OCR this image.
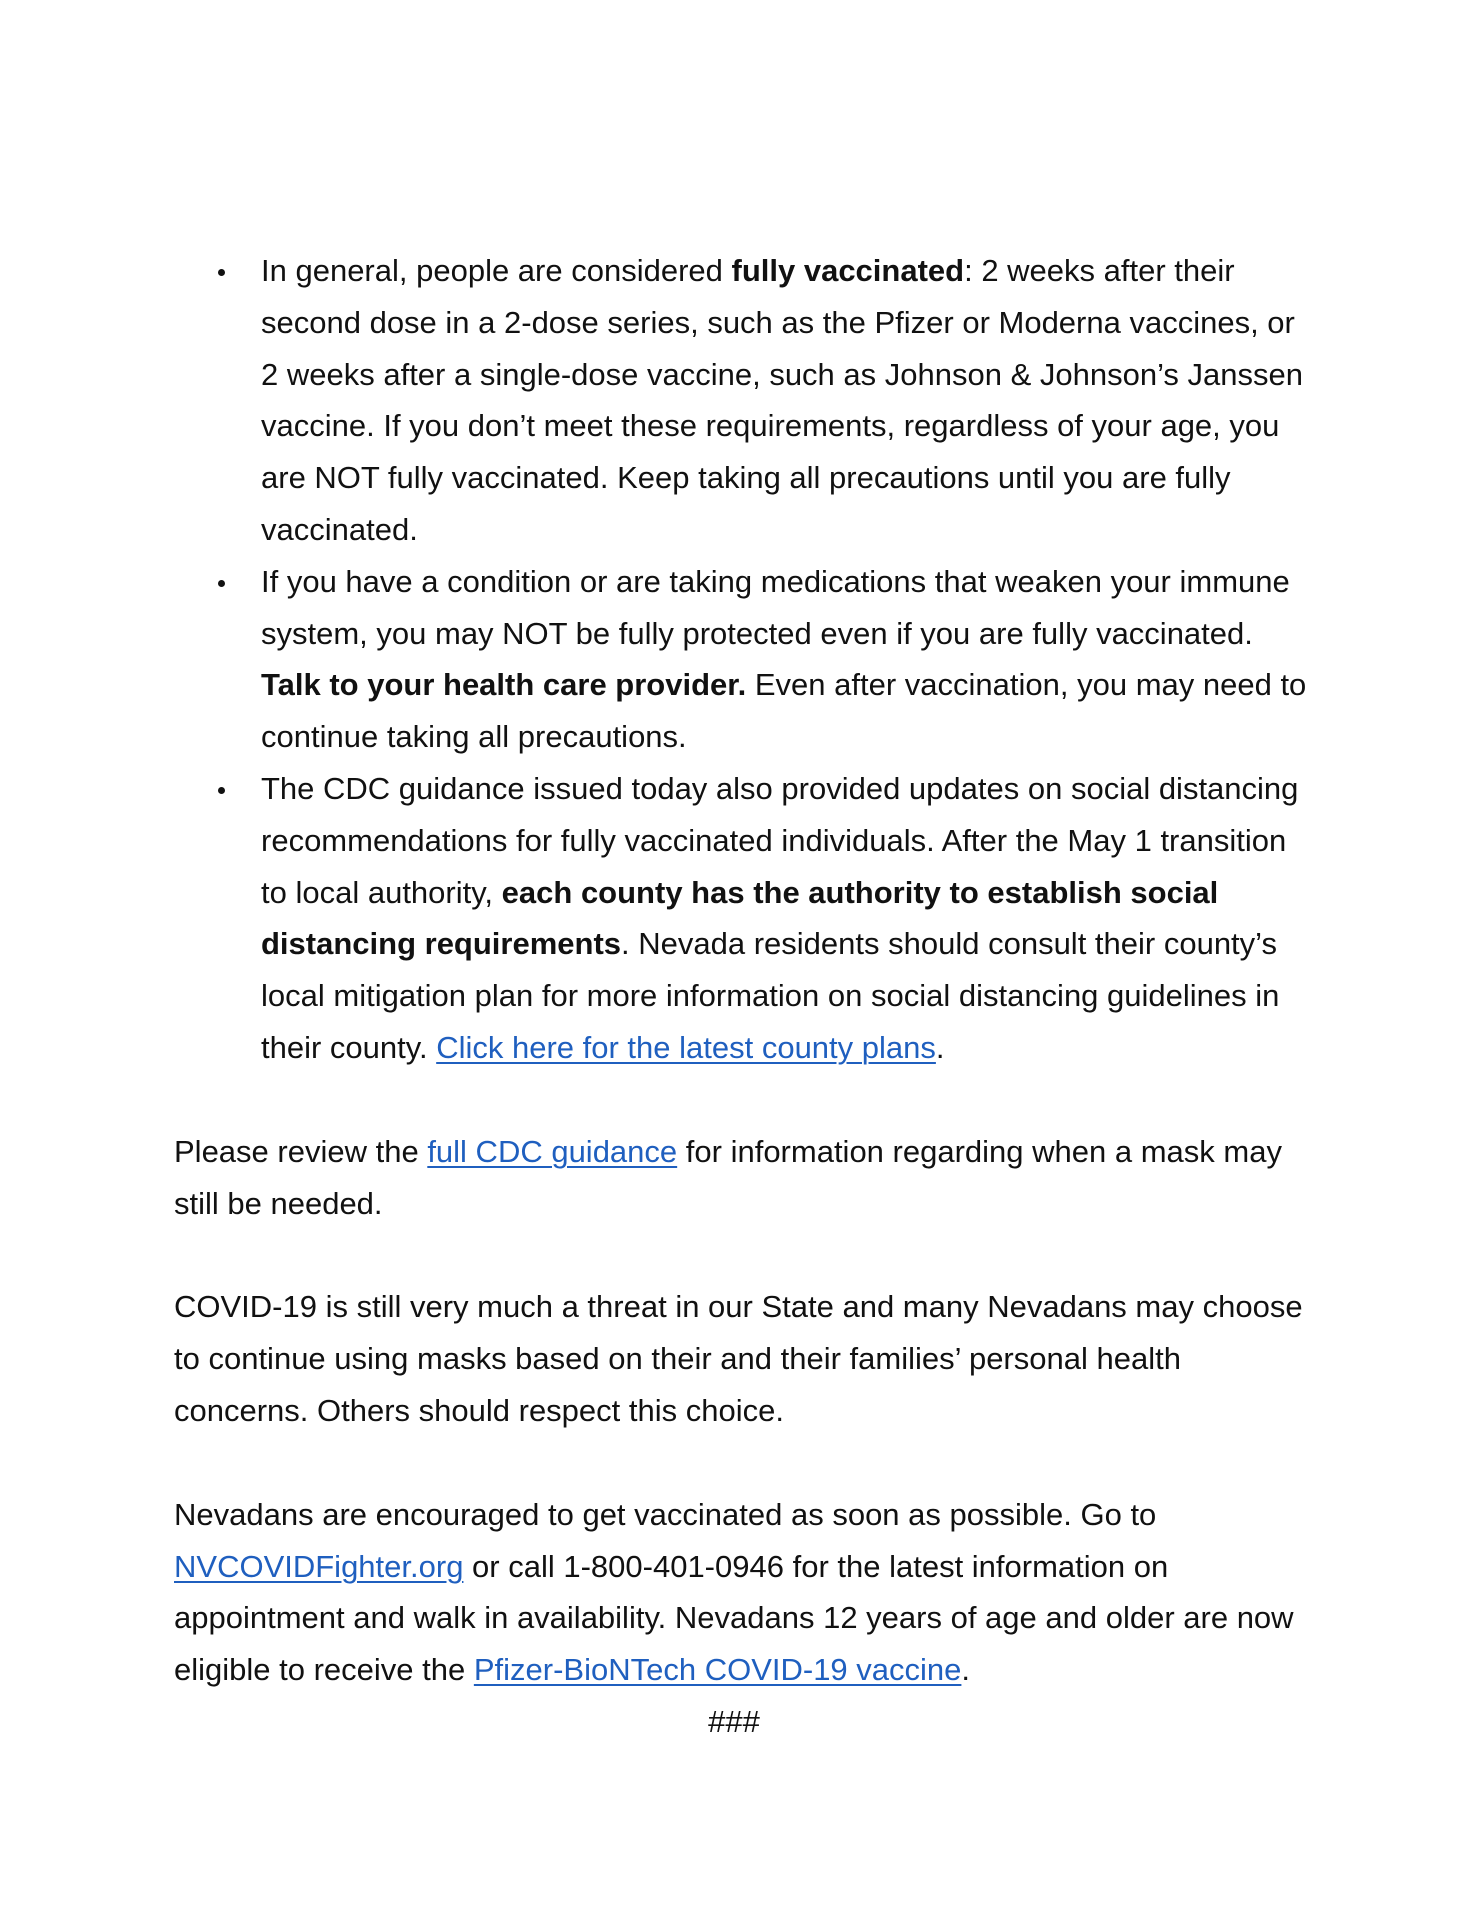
In general, people are considered fully vaccinated: 2 weeks after their second dose in a 2-dose series, such as the Pfizer or Moderna vaccines, or 2 weeks after a single-dose vaccine, such as Johnson & Johnson’s Janssen vaccine. If you don’t meet these requirements, regardless of your age, you are NOT fully vaccinated. Keep taking all precautions until you are fully vaccinated.
If you have a condition or are taking medications that weaken your immune system, you may NOT be fully protected even if you are fully vaccinated. Talk to your health care provider. Even after vaccination, you may need to continue taking all precautions.
The CDC guidance issued today also provided updates on social distancing recommendations for fully vaccinated individuals. After the May 1 transition to local authority, each county has the authority to establish social distancing requirements. Nevada residents should consult their county’s local mitigation plan for more information on social distancing guidelines in their county. Click here for the latest county plans.

Please review the full CDC guidance for information regarding when a mask may still be needed.

COVID-19 is still very much a threat in our State and many Nevadans may choose to continue using masks based on their and their families’ personal health concerns. Others should respect this choice.

Nevadans are encouraged to get vaccinated as soon as possible. Go to NVCOVIDFighter.org or call 1-800-401-0946 for the latest information on appointment and walk in availability. Nevadans 12 years of age and older are now eligible to receive the Pfizer-BioNTech COVID-19 vaccine.

###
